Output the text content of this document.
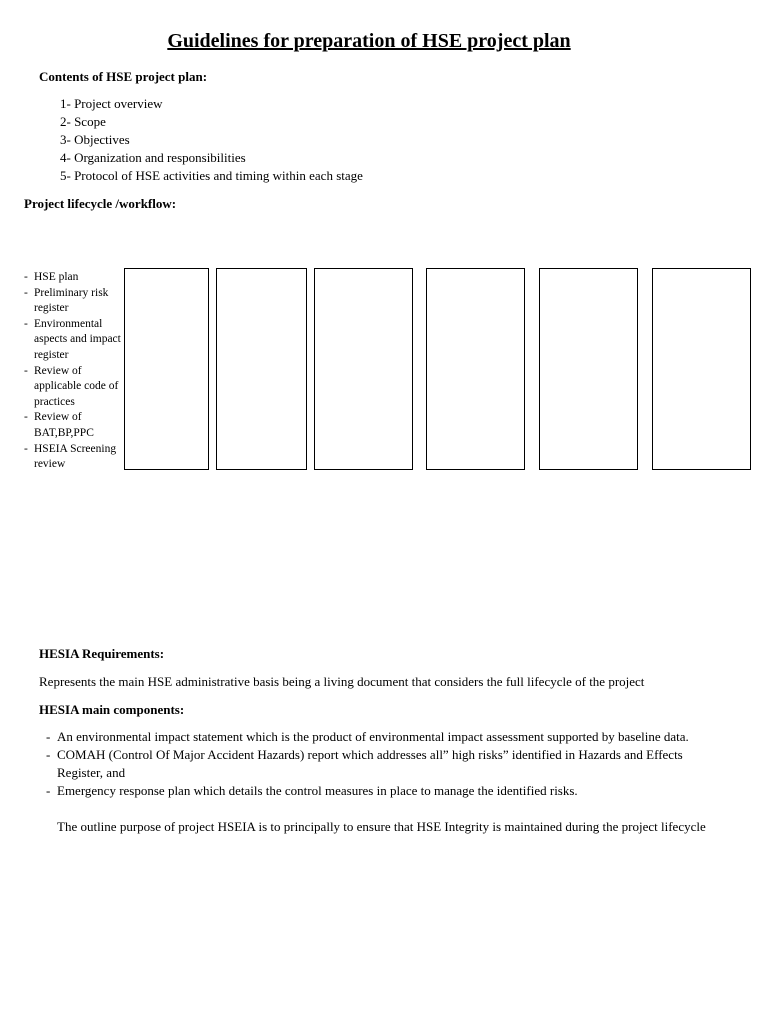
Guidelines for preparation of HSE project plan
Contents of HSE project plan:
1- Project overview
2- Scope
3- Objectives
4- Organization and responsibilities
5- Protocol of HSE activities and timing within each stage
Project lifecycle /workflow:
- HSE plan
- Preliminary risk register
- Environmental aspects and impact register
- Review of applicable code of practices
- Review of BAT,BP,PPC
- HSEIA Screening review
HESIA Requirements:
Represents the main HSE administrative basis being a living document that considers the full lifecycle of the project
HESIA main components:
- An environmental impact statement which is the product of environmental impact assessment supported by baseline data.
- COMAH (Control Of Major Accident Hazards) report which addresses all” high risks” identified in Hazards and Effects Register, and
- Emergency response plan which details the control measures in place to manage the identified risks.
The outline purpose of project HSEIA is to principally to ensure that HSE Integrity is maintained during the project lifecycle
